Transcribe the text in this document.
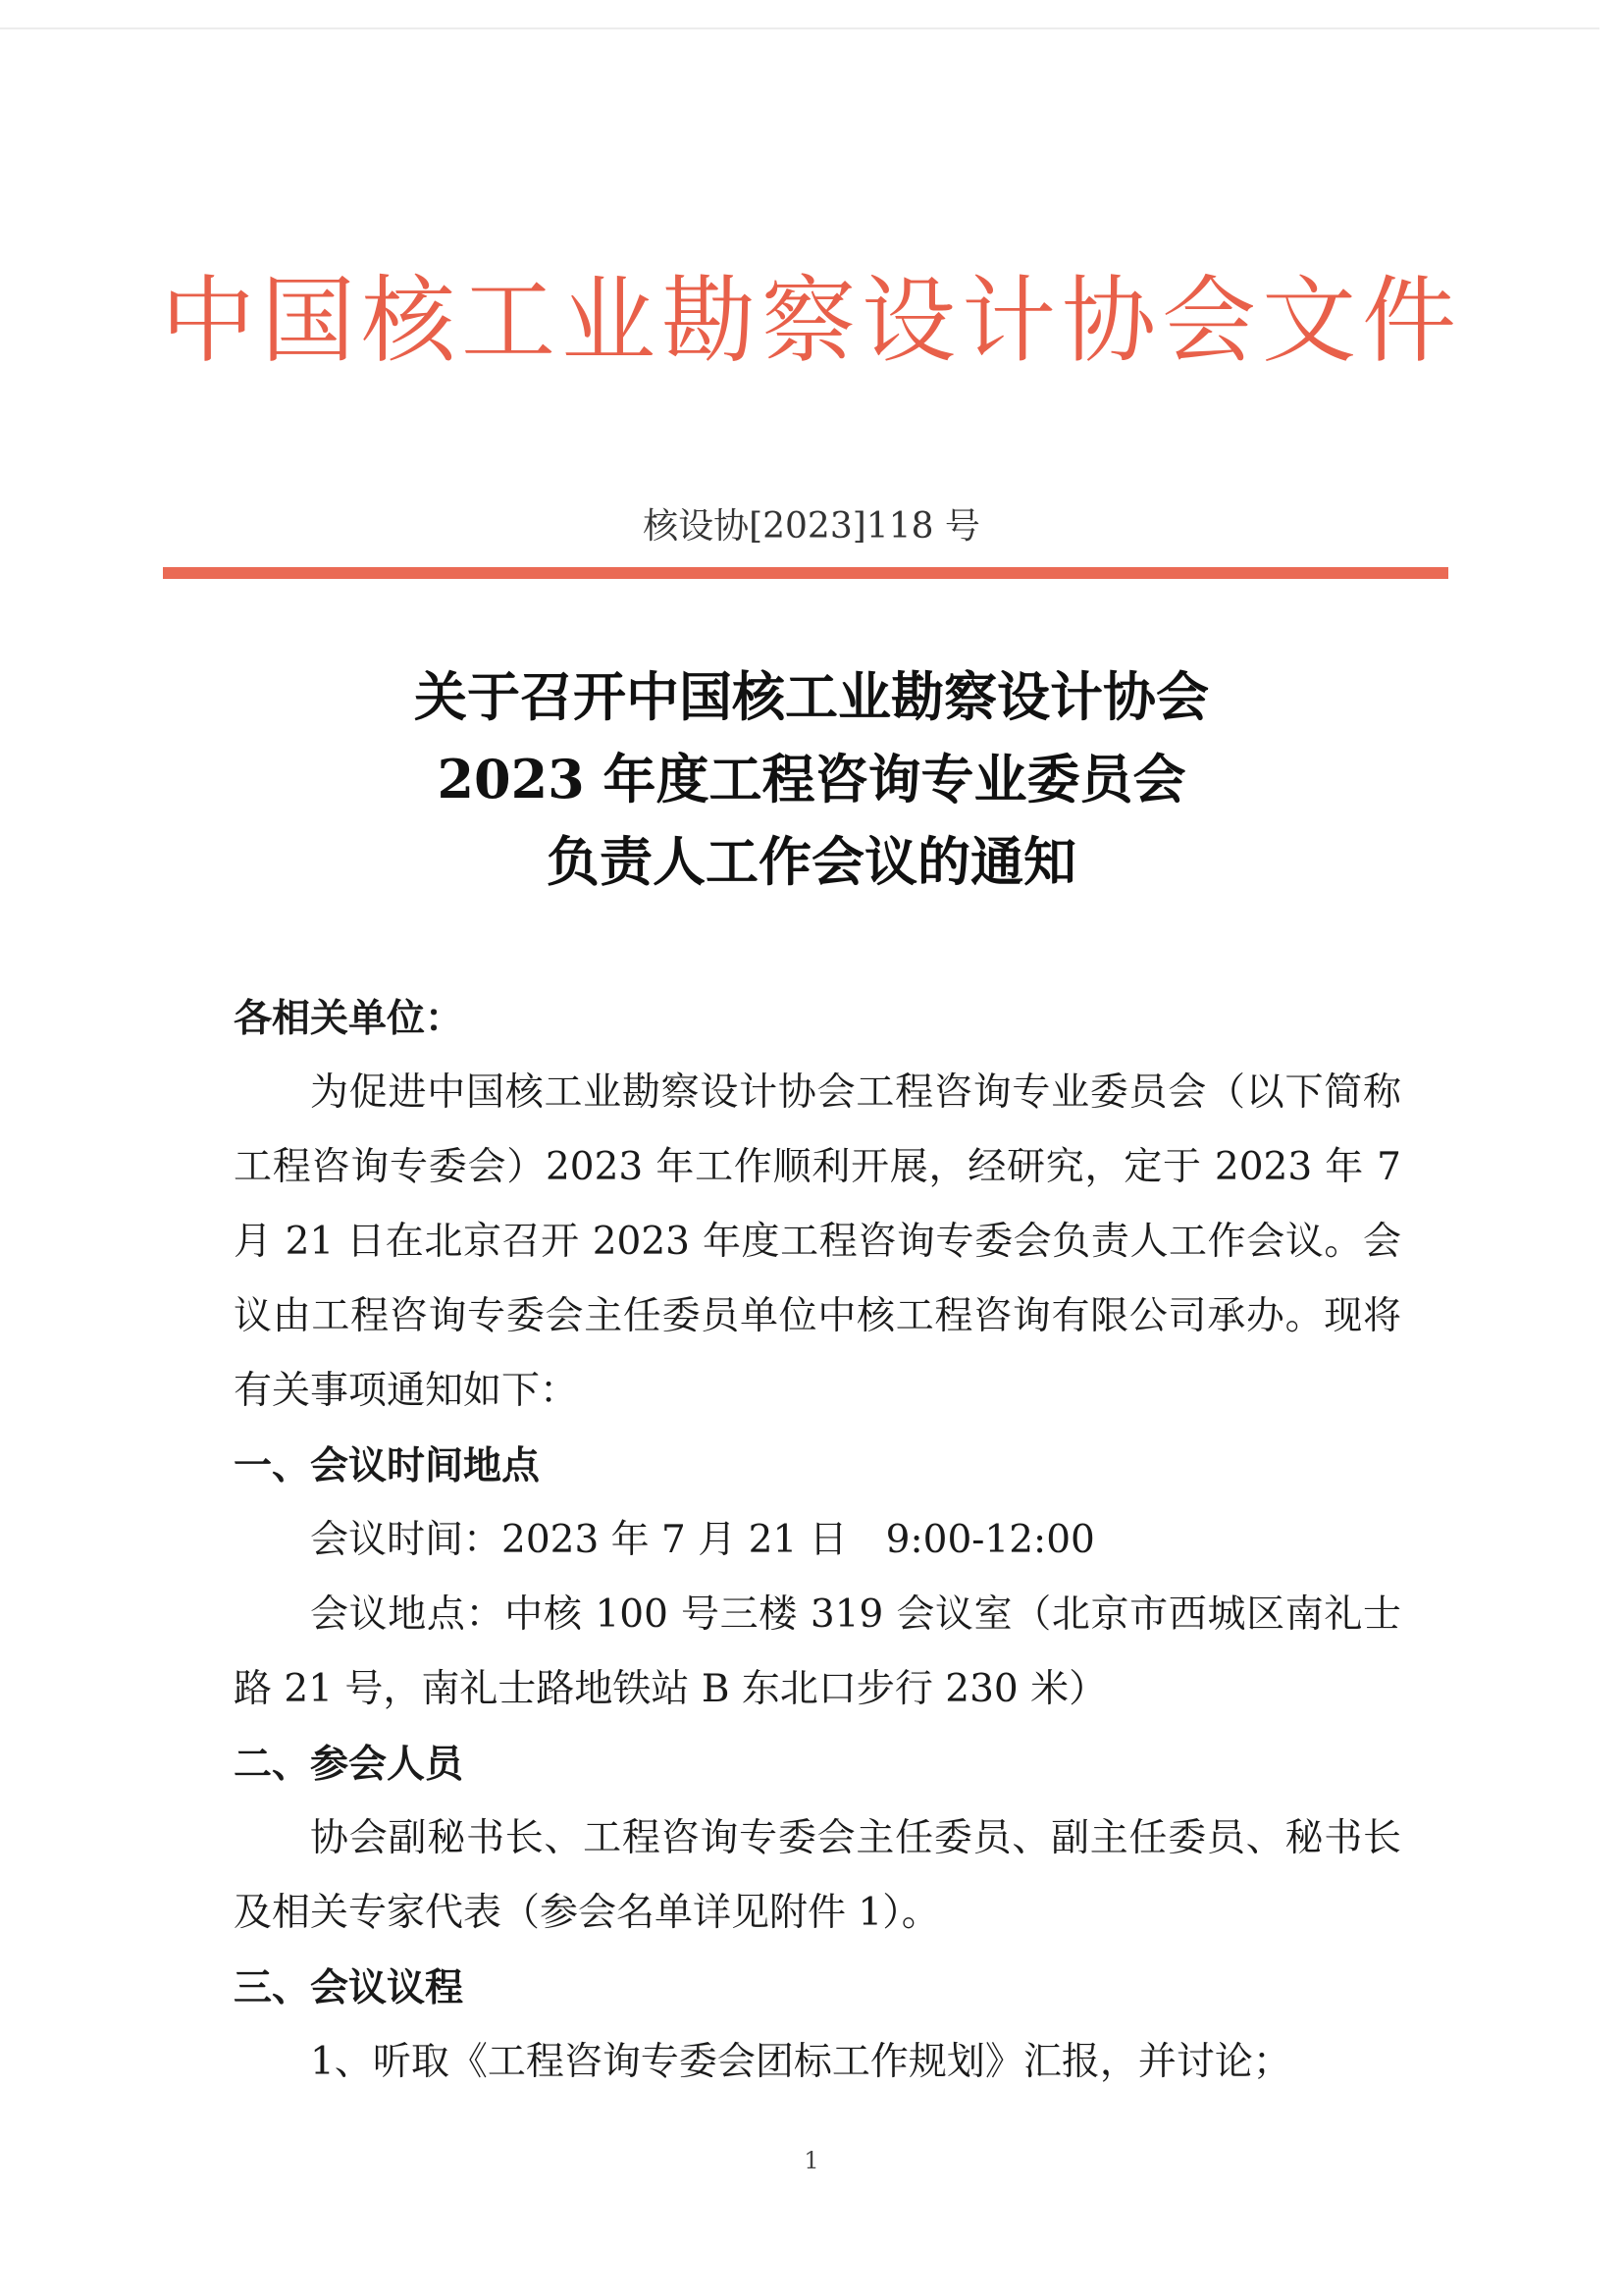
中国核工业勘察设计协会文件
核设协[2023]118 号
关于召开中国核工业勘察设计协会
2023 年度工程咨询专业委员会
负责人工作会议的通知
各相关单位：

为促进中国核工业勘察设计协会工程咨询专业委员会（以下简称工程咨询专委会）2023 年工作顺利开展，经研究，定于 2023 年 7 月 21 日在北京召开 2023 年度工程咨询专委会负责人工作会议。会议由工程咨询专委会主任委员单位中核工程咨询有限公司承办。现将有关事项通知如下：

一、会议时间地点
会议时间：2023 年 7 月 21 日　9:00-12:00

会议地点：中核 100 号三楼 319 会议室（北京市西城区南礼士路 21 号，南礼士路地铁站 B 东北口步行 230 米）

二、参会人员

协会副秘书长、工程咨询专委会主任委员、副主任委员、秘书长及相关专家代表（参会名单详见附件 1）。

三、会议议程
1、听取《工程咨询专委会团标工作规划》汇报，并讨论；
1
